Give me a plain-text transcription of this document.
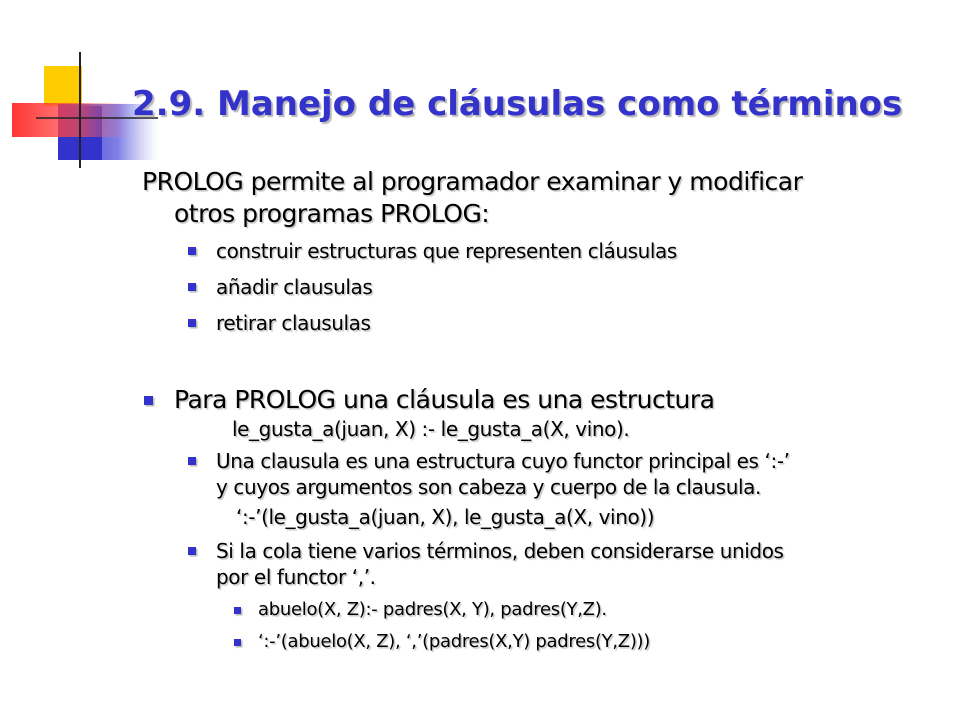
2.9. Manejo de cláusulas como términos

PROLOG permite al programador examinar y modificar
otros programas PROLOG:

construir estructuras que representen cláusulas
añadir clausulas
retirar clausulas
Para PROLOG una cláusula es una estructura

le_gusta_a(juan, X) :- le_gusta_a(X, vino).

Una clausula es una estructura cuyo functor principal es ‘:-’
y cuyos argumentos son cabeza y cuerpo de la clausula.

‘:-’(le_gusta_a(juan, X), le_gusta_a(X, vino))

Si la cola tiene varios términos, deben considerarse unidos
por el functor ‘,’.
abuelo(X, Z):- padres(X, Y), padres(Y,Z).
‘:-’(abuelo(X, Z), ‘,’(padres(X,Y) padres(Y,Z)))
